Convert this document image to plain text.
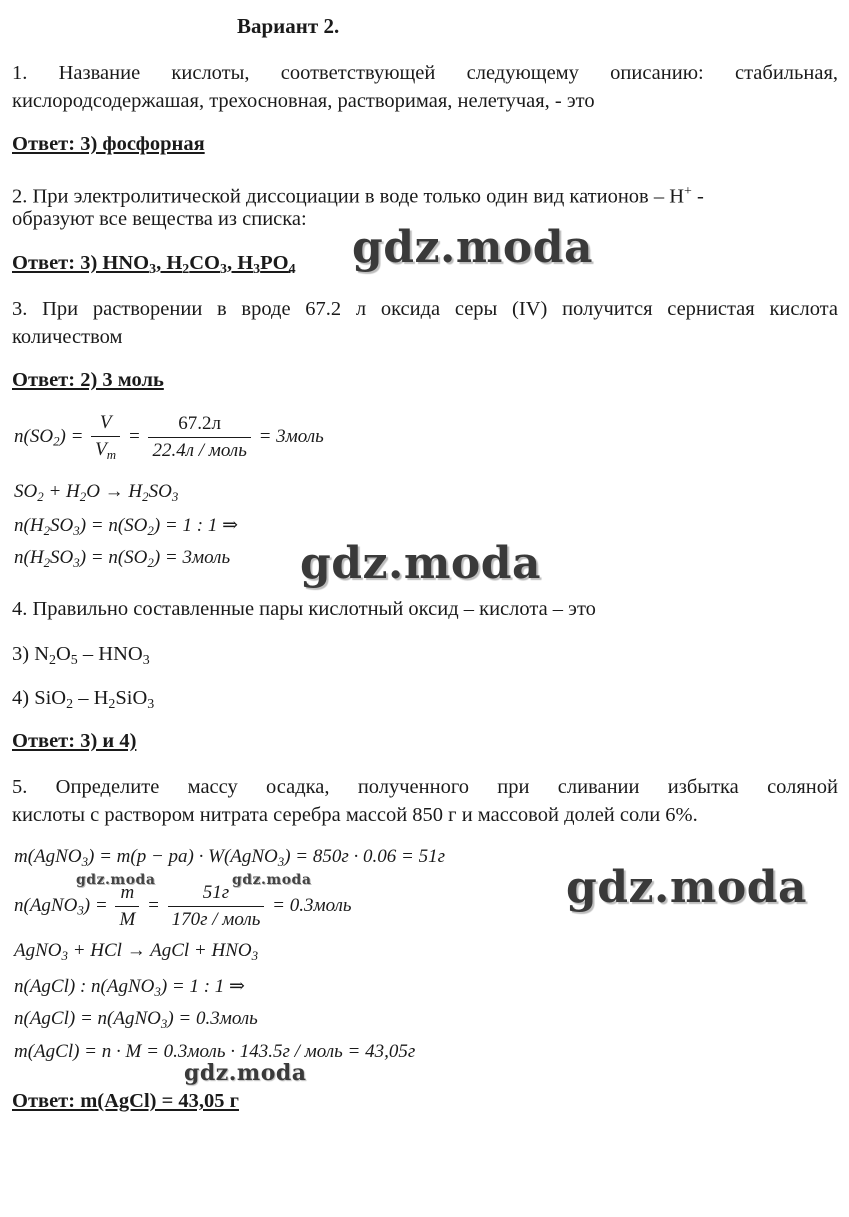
Вариант 2.
1. Название кислоты, соответствующей следующему описанию: стабильная,
кислородсодержашая, трехосновная, растворимая, нелетучая, - это
Ответ: 3) фосфорная
2. При электролитической диссоциации в воде только один вид катионов – H+ -
образуют все вещества из списка:
Ответ: 3) $HNO_3$, $H_2CO_3$, $H_3PO_4$
3. При растворении в вроде 67.2 л оксида серы (IV) получится сернистая кислота
количеством
Ответ: 2) 3 моль
$n(SO_2) = \frac{V}{V_m} = \frac{67.2л}{\text{22.4л / моль}}$ = 3моль
$SO_2 + H_2O \to H_2SO_3$
$n(H_2SO_3) = n(SO_2) = 1$ : 1 ⇒
$n(H_2SO_3) = n(SO_2)$ = 3моль
4. Правильно составленные пары кислотный оксид – кислота – это
3) $N_2O_5 - HNO_3$
4) $SiO_2 - H_2SiO_3$
Ответ: 3) и 4)
5. Определите массу осадка, полученного при сливании избытка соляной
кислоты с раствором нитрата серебра массой 850 г и массовой долей соли 6%.
m(AgNO$_3$) = m(p − pa) · W(AgNO$_3$) = 850г · 0.06 = 51г
n(AgNO$_3$) = $\frac{m}{M} = \frac{51г}{\text{170г / моль}}$ = 0.3моль
AgNO$_3$ + HCl → AgCl + $HNO_3$
n(AgCl) : n(AgNO$_3$) = 1 : 1 ⇒
n(AgCl) = n(AgNO$_3$) = 0.3моль
m(AgCl) = n · M = 0.3моль · 143.5г / моль = 43,05г
Ответ: m(AgCl) = 43,05 г
gdz.moda
gdz.moda
gdz.moda
gdz.moda	gdz.moda
gdz.moda
